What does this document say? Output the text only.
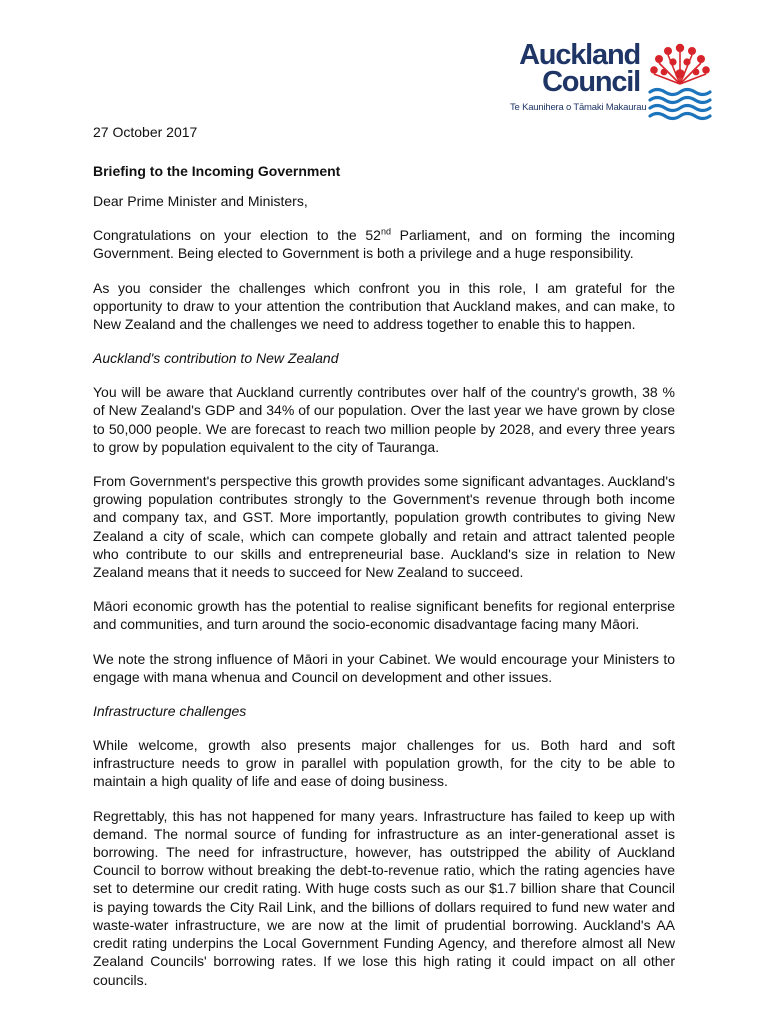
Auckland
Council
Te Kaunihera o Tāmaki Makaurau

27 October 2017

Briefing to the Incoming Government

Dear Prime Minister and Ministers,

Congratulations on your election to the 52nd Parliament, and on forming the incoming Government. Being elected to Government is both a privilege and a huge responsibility.

As you consider the challenges which confront you in this role, I am grateful for the opportunity to draw to your attention the contribution that Auckland makes, and can make, to New Zealand and the challenges we need to address together to enable this to happen.

Auckland's contribution to New Zealand

You will be aware that Auckland currently contributes over half of the country's growth, 38 % of New Zealand's GDP and 34% of our population. Over the last year we have grown by close to 50,000 people. We are forecast to reach two million people by 2028, and every three years to grow by population equivalent to the city of Tauranga.

From Government's perspective this growth provides some significant advantages. Auckland's growing population contributes strongly to the Government's revenue through both income and company tax, and GST. More importantly, population growth contributes to giving New Zealand a city of scale, which can compete globally and retain and attract talented people who contribute to our skills and entrepreneurial base. Auckland's size in relation to New Zealand means that it needs to succeed for New Zealand to succeed.

Māori economic growth has the potential to realise significant benefits for regional enterprise and communities, and turn around the socio-economic disadvantage facing many Māori.

We note the strong influence of Māori in your Cabinet. We would encourage your Ministers to engage with mana whenua and Council on development and other issues.

Infrastructure challenges

While welcome, growth also presents major challenges for us. Both hard and soft infrastructure needs to grow in parallel with population growth, for the city to be able to maintain a high quality of life and ease of doing business.

Regrettably, this has not happened for many years. Infrastructure has failed to keep up with demand. The normal source of funding for infrastructure as an inter-generational asset is borrowing. The need for infrastructure, however, has outstripped the ability of Auckland Council to borrow without breaking the debt-to-revenue ratio, which the rating agencies have set to determine our credit rating. With huge costs such as our $1.7 billion share that Council is paying towards the City Rail Link, and the billions of dollars required to fund new water and waste-water infrastructure, we are now at the limit of prudential borrowing. Auckland's AA credit rating underpins the Local Government Funding Agency, and therefore almost all New Zealand Councils' borrowing rates. If we lose this high rating it could impact on all other councils.
